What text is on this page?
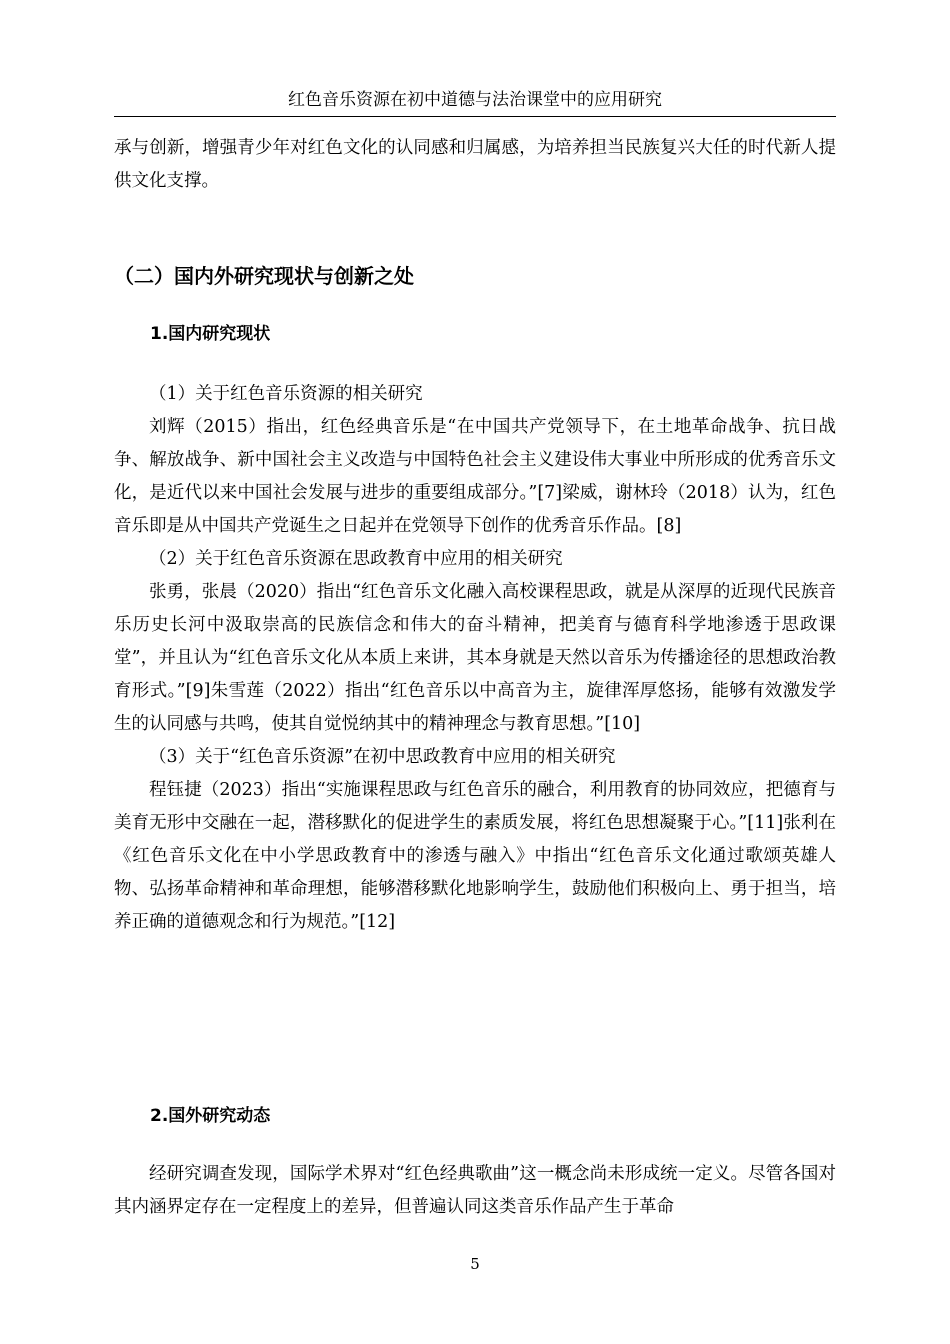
红色音乐资源在初中道德与法治课堂中的应用研究

承与创新，增强青少年对红色文化的认同感和归属感，为培养担当民族复兴大任的时代新人提供文化支撑。

（二）国内外研究现状与创新之处
1.国内研究现状

（1）关于红色音乐资源的相关研究

刘辉（2015）指出，红色经典音乐是“在中国共产党领导下，在土地革命战争、抗日战争、解放战争、新中国社会主义改造与中国特色社会主义建设伟大事业中所形成的优秀音乐文化，是近代以来中国社会发展与进步的重要组成部分。”[7]梁威，谢林玲（2018）认为，红色音乐即是从中国共产党诞生之日起并在党领导下创作的优秀音乐作品。[8]

（2）关于红色音乐资源在思政教育中应用的相关研究

张勇，张晨（2020）指出“红色音乐文化融入高校课程思政，就是从深厚的近现代民族音乐历史长河中汲取崇高的民族信念和伟大的奋斗精神，把美育与德育科学地渗透于思政课堂”，并且认为“红色音乐文化从本质上来讲，其本身就是天然以音乐为传播途径的思想政治教育形式。”[9]朱雪莲（2022）指出“红色音乐以中高音为主，旋律浑厚悠扬，能够有效激发学生的认同感与共鸣，使其自觉悦纳其中的精神理念与教育思想。”[10]

（3）关于“红色音乐资源”在初中思政教育中应用的相关研究

程钰捷（2023）指出“实施课程思政与红色音乐的融合，利用教育的协同效应，把德育与美育无形中交融在一起，潜移默化的促进学生的素质发展，将红色思想凝聚于心。”[11]张利在《红色音乐文化在中小学思政教育中的渗透与融入》中指出“红色音乐文化通过歌颂英雄人物、弘扬革命精神和革命理想，能够潜移默化地影响学生，鼓励他们积极向上、勇于担当，培养正确的道德观念和行为规范。”[12]

2.国外研究动态

经研究调查发现，国际学术界对“红色经典歌曲”这一概念尚未形成统一定义。尽管各国对其内涵界定存在一定程度上的差异，但普遍认同这类音乐作品产生于革命

5
